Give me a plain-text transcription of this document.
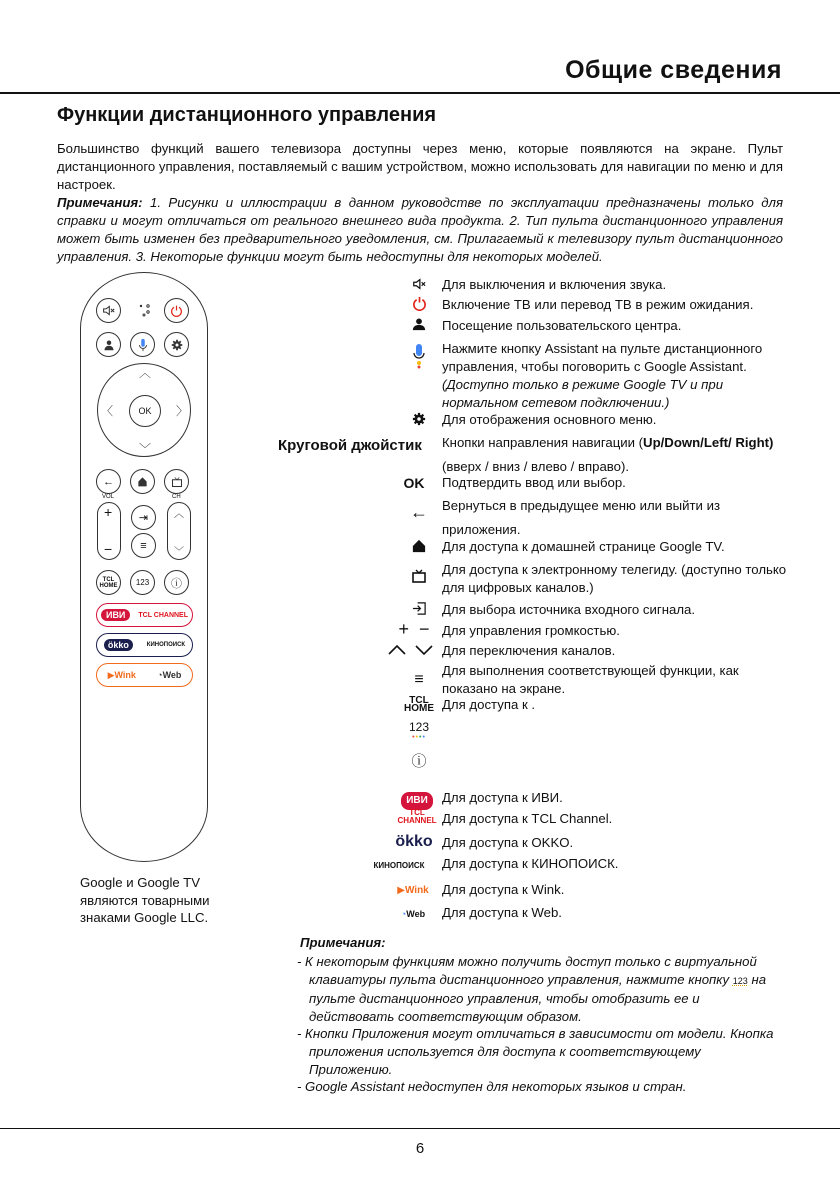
Общие сведения
Функции дистанционного управления

Большинство функций вашего телевизора доступны через меню, которые появляются на экране. Пульт дистанционного управления, поставляемый с вашим устройством, можно использовать для навигации по меню и для настроек.

Примечания: 1. Рисунки и иллюстрации в данном руководстве по эксплуатации предназначены только для справки и могут отличаться от реального внешнего вида продукта. 2. Тип пульта дистанционного управления может быть изменен без предварительного уведомления, см. Прилагаемый к телевизору пульт дистанционного управления. 3. Некоторые функции могут быть недоступны для некоторых моделей.

︿
﹀
〈	〉
OK
←
VOL	CH
+
−
⇥
≡
︿
﹀
TCL HOME	123	ⓘ
ИВИ	TCL CHANNEL
ökko	КИНОПОИСК
▶Wink ◔Web
Google и Google TV являются товарными знаками Google LLC.
Круговой джойстик
Для выключения и включения звука.
Включение ТВ или перевод ТВ в режим ожидания.
Посещение пользовательского центра.
Нажмите кнопку Assistant на пульте дистанционного управления, чтобы поговорить с Google Assistant.
(Доступно только в режиме Google TV и при нормальном сетевом подключении.)
Для отображения основного меню.
Кнопки направления навигации (Up/Down/Left/ Right) (вверх / вниз / влево / вправо).
OK	Подтвердить ввод или выбор.
←	Вернуться в предыдущее меню или выйти из приложения.
Для доступа к домашней странице Google TV.
Для доступа к электронному телегиду. (доступно только для цифровых каналов.)
Для выбора источника входного сигнала.
+  − Для управления громкостью.
Для переключения каналов.
≡
Для выполнения соответствующей функции, как показано на экране.
TCL HOME Для доступа к .
123
••••
ⓘ
ИВИ	Для доступа к ИВИ.
TCL CHANNEL Для доступа к TCL Channel.
ökko Для доступа к OKKO.
КИНОПОИСК	Для доступа к КИНОПОИСК.
▶Wink	Для доступа к Wink.
◔Web	Для доступа к Web.
Примечания:
- К некоторым функциям можно получить доступ только с виртуальной клавиатуры пульта дистанционного управления, нажмите кнопку 123 на пульте дистанционного управления, чтобы отобразить ее и действовать соответствующим образом.
- Кнопки Приложения могут отличаться в зависимости от модели. Кнопка приложения используется для доступа к соответствующему Приложению.
- Google Assistant недоступен для некоторых языков и стран.
6
